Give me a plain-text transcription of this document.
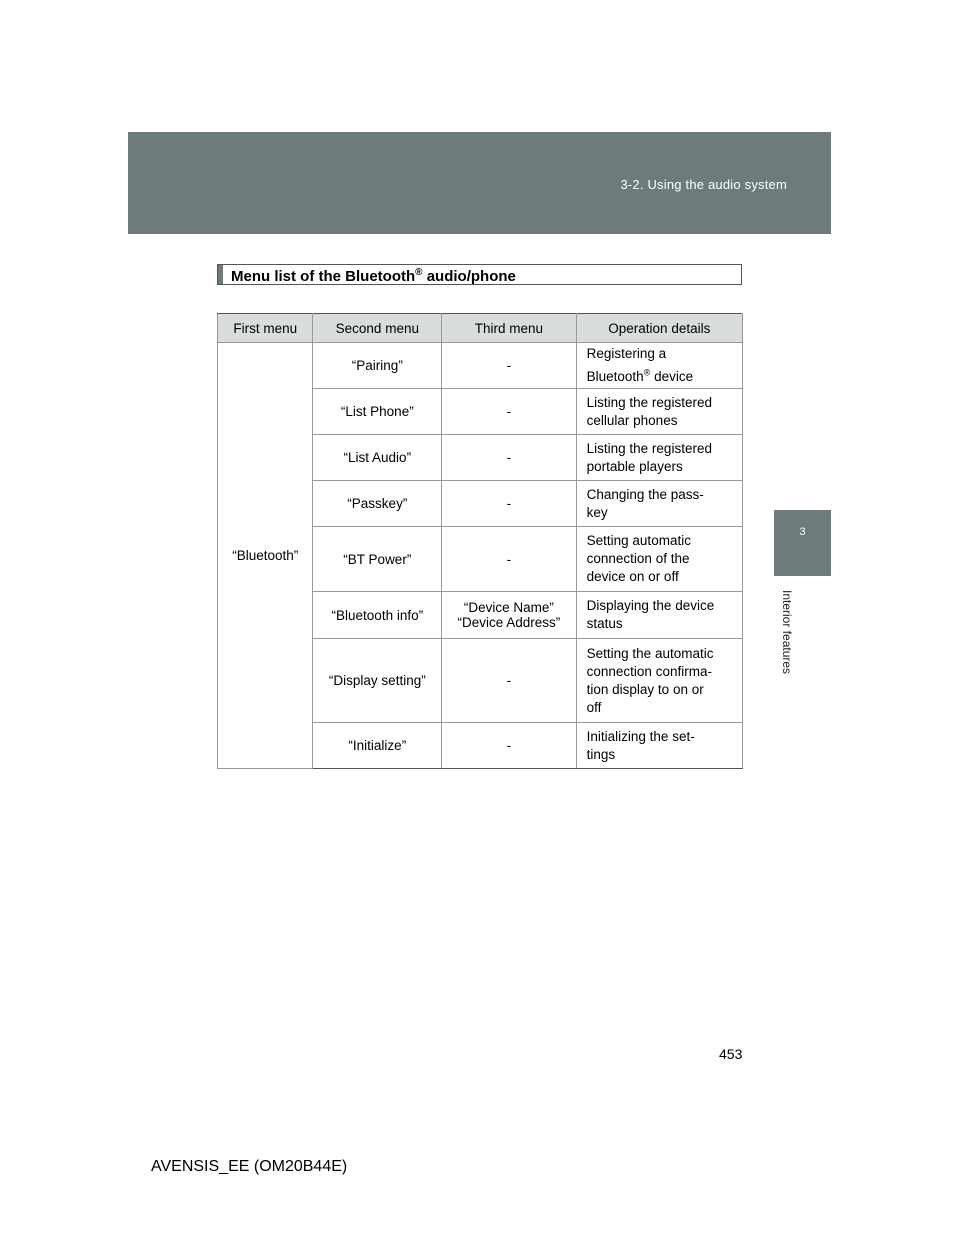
3-2. Using the audio system
3
Interior features
Menu list of the Bluetooth® audio/phone
First menu	Second menu	Third menu	Operation details
“Bluetooth”	“Pairing”	-	Registering a
Bluetooth® device
	“List Phone”	-	Listing the registered
cellular phones
	“List Audio”	-	Listing the registered
portable players
	“Passkey”	-	Changing the pass-
key
	“BT Power”	-	Setting automatic
connection of the
device on or off
	“Bluetooth info”	“Device Name”
“Device Address”	Displaying the device
status
	“Display setting”	-	Setting the automatic
connection confirma-
tion display to on or
off
	“Initialize”	-	Initializing the set-
tings
453
AVENSIS_EE (OM20B44E)
